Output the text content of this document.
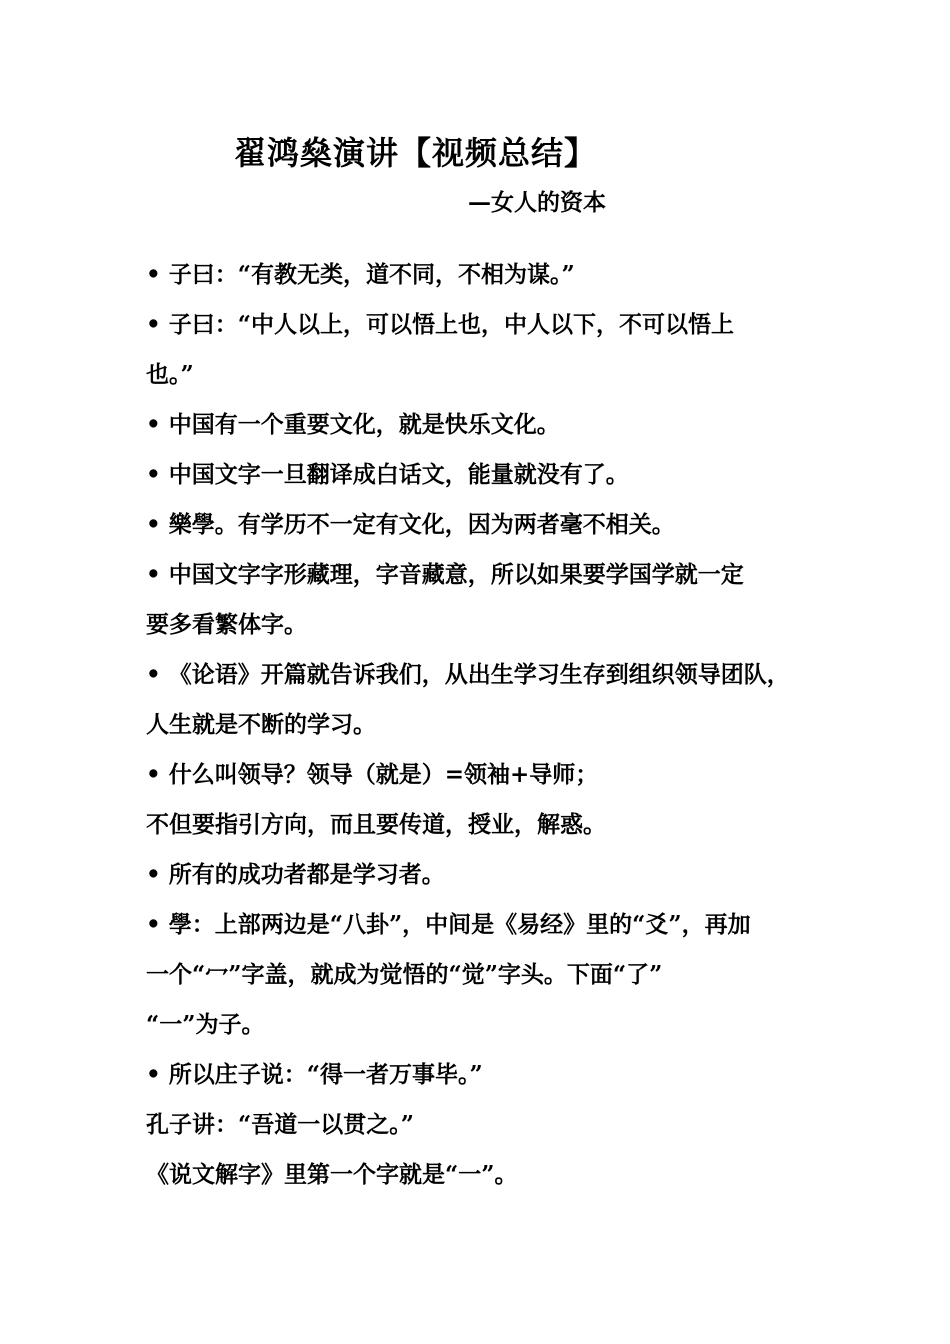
翟鸿燊演讲【视频总结】
—女人的资本
• 子曰：“有教无类，道不同，不相为谋。”
• 子曰：“中人以上，可以悟上也，中人以下，不可以悟上
也。”
• 中国有一个重要文化，就是快乐文化。
• 中国文字一旦翻译成白话文，能量就没有了。
• 樂學。有学历不一定有文化，因为两者毫不相关。
• 中国文字字形藏理，字音藏意，所以如果要学国学就一定
要多看繁体字。
• 《论语》开篇就告诉我们，从出生学习生存到组织领导团队，
人生就是不断的学习。
• 什么叫领导？领导（就是）=领袖+导师；
不但要指引方向，而且要传道，授业，解惑。
• 所有的成功者都是学习者。
• 學：上部两边是“八卦”，中间是《易经》里的“爻”，再加
一个“冖”字盖，就成为觉悟的“觉”字头。下面“了”
“一”为子。
• 所以庄子说：“得一者万事毕。”
孔子讲：“吾道一以贯之。”
《说文解字》里第一个字就是“一”。
